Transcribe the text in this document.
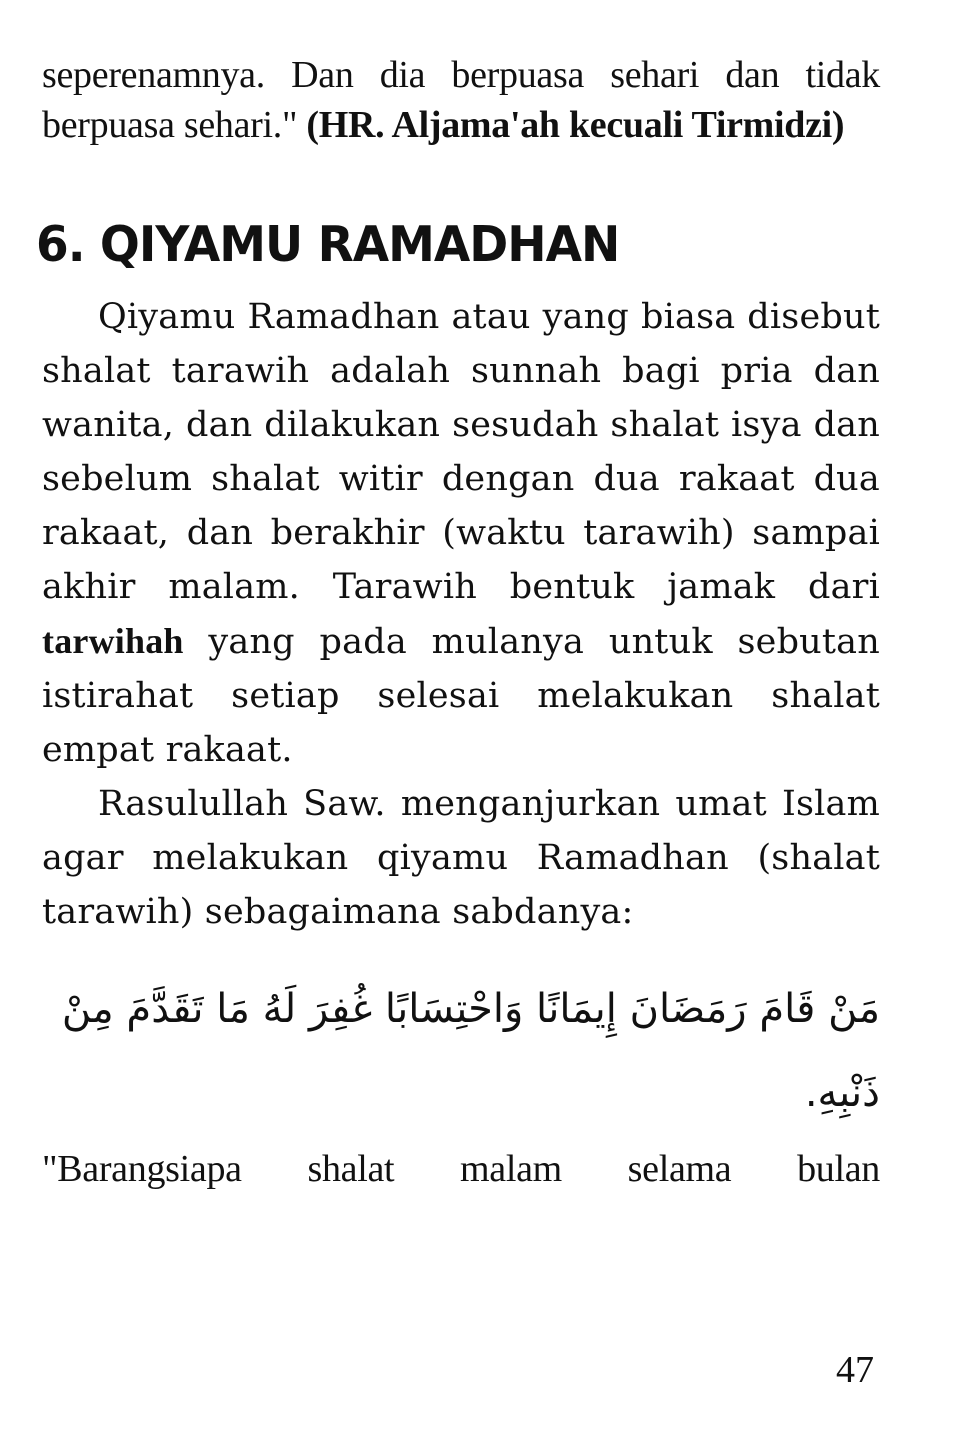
seperenamnya. Dan dia berpuasa sehari dan tidak berpuasa sehari." (HR. Aljama'ah kecuali Tirmidzi)

6. QIYAMU RAMADHAN

Qiyamu Ramadhan atau yang biasa disebut shalat tarawih adalah sunnah bagi pria dan wanita, dan dilakukan sesudah shalat isya dan sebelum shalat witir dengan dua rakaat dua rakaat, dan berakhir (waktu tarawih) sampai akhir malam. Tarawih bentuk jamak dari tarwihah yang pada mulanya untuk sebutan istirahat setiap selesai melakukan shalat empat rakaat.

Rasulullah Saw. menganjurkan umat Islam agar melakukan qiyamu Ramadhan (shalat tarawih) sebagaimana sabdanya:

مَنْ قَامَ رَمَضَانَ إِيمَانًا وَاحْتِسَابًا غُفِرَ لَهُ مَا تَقَدَّمَ مِنْ ذَنْبِهِ.

"Barangsiapa shalat malam selama bulan

47
